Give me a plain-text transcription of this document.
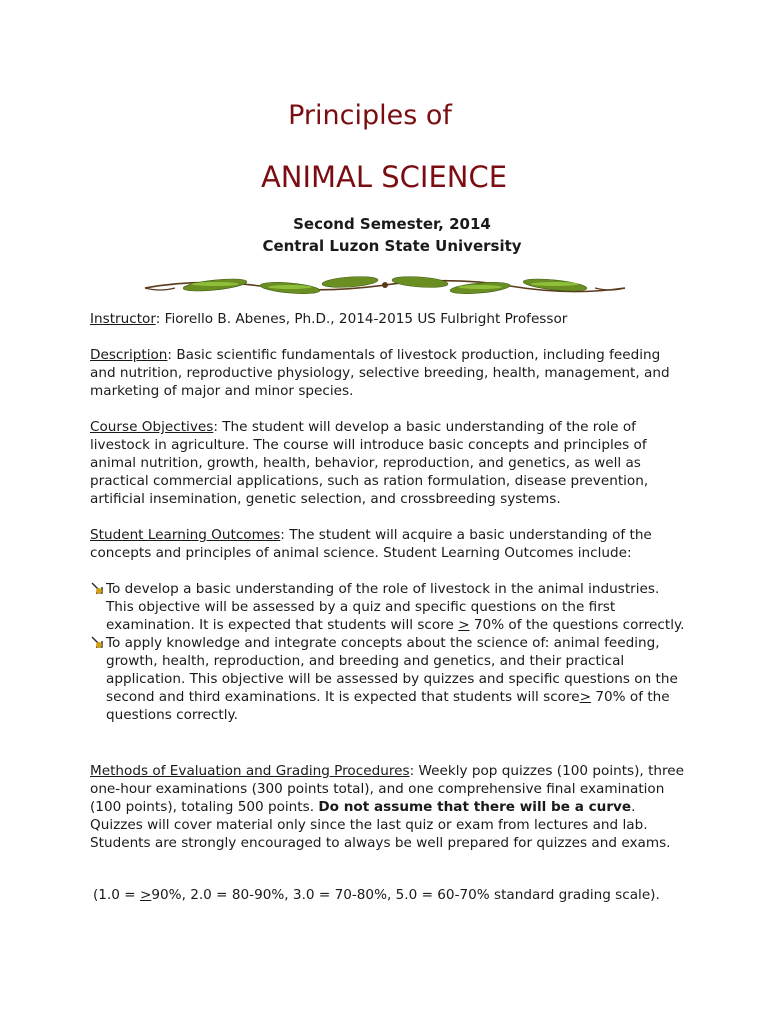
Principles of
ANIMAL SCIENCE
Second Semester, 2014
Central Luzon State University
Instructor: Fiorello B. Abenes, Ph.D., 2014-2015 US Fulbright Professor
Description: Basic scientific fundamentals of livestock production, including feeding and nutrition, reproductive physiology, selective breeding, health, management, and marketing of major and minor species.
Course Objectives: The student will develop a basic understanding of the role of livestock in agriculture. The course will introduce basic concepts and principles of animal nutrition, growth, health, behavior, reproduction, and genetics, as well as practical commercial applications, such as ration formulation, disease prevention, artificial insemination, genetic selection, and crossbreeding systems.
Student Learning Outcomes: The student will acquire a basic understanding of the concepts and principles of animal science. Student Learning Outcomes include:
To develop a basic understanding of the role of livestock in the animal industries. This objective will be assessed by a quiz and specific questions on the first examination. It is expected that students will score ≥ 70% of the questions correctly.
To apply knowledge and integrate concepts about the science of: animal feeding, growth, health, reproduction, and breeding and genetics, and their practical application. This objective will be assessed by quizzes and specific questions on the second and third examinations. It is expected that students will score≥ 70% of the questions correctly.
Methods of Evaluation and Grading Procedures: Weekly pop quizzes (100 points), three one-hour examinations (300 points total), and one comprehensive final examination (100 points), totaling 500 points. Do not assume that there will be a curve. Quizzes will cover material only since the last quiz or exam from lectures and lab. Students are strongly encouraged to always be well prepared for quizzes and exams.
(1.0 = ≥90%, 2.0 = 80-90%, 3.0 = 70-80%, 5.0 = 60-70% standard grading scale).
